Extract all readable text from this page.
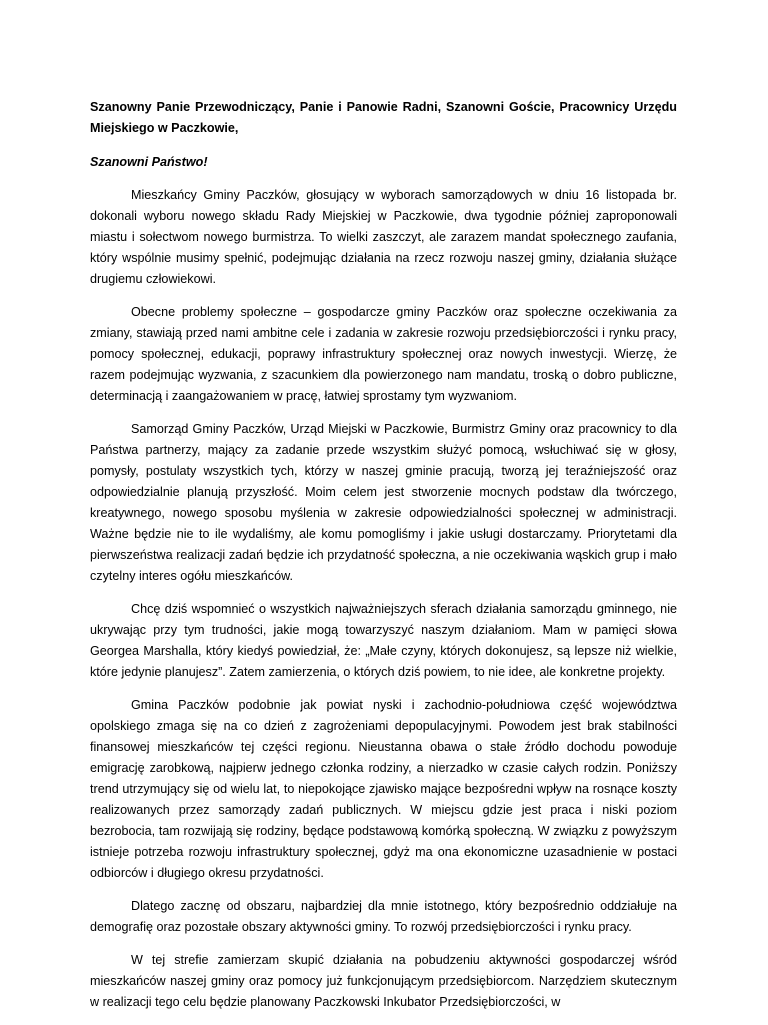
Szanowny Panie Przewodniczący, Panie i Panowie Radni, Szanowni Goście, Pracownicy Urzędu Miejskiego w Paczkowie,

Szanowni Państwo!

Mieszkańcy Gminy Paczków, głosujący w wyborach samorządowych w dniu 16 listopada br. dokonali wyboru nowego składu Rady Miejskiej w Paczkowie, dwa tygodnie później zaproponowali miastu i sołectwom nowego burmistrza. To wielki zaszczyt, ale zarazem mandat społecznego zaufania, który wspólnie musimy spełnić, podejmując działania na rzecz rozwoju naszej gminy, działania służące drugiemu człowiekowi.

Obecne problemy społeczne – gospodarcze gminy Paczków oraz społeczne oczekiwania za zmiany, stawiają przed nami ambitne cele i zadania w zakresie rozwoju przedsiębiorczości i rynku pracy, pomocy społecznej, edukacji, poprawy infrastruktury społecznej oraz nowych inwestycji. Wierzę, że razem podejmując wyzwania, z szacunkiem dla powierzonego nam mandatu, troską o dobro publiczne, determinacją i zaangażowaniem w pracę, łatwiej sprostamy tym wyzwaniom.

Samorząd Gminy Paczków, Urząd Miejski w Paczkowie, Burmistrz Gminy oraz pracownicy to dla Państwa partnerzy, mający za zadanie przede wszystkim służyć pomocą, wsłuchiwać się w głosy, pomysły, postulaty wszystkich tych, którzy w naszej gminie pracują, tworzą jej teraźniejszość oraz odpowiedzialnie planują przyszłość. Moim celem jest stworzenie mocnych podstaw dla twórczego, kreatywnego, nowego sposobu myślenia w zakresie odpowiedzialności społecznej w administracji. Ważne będzie nie to ile wydaliśmy, ale komu pomogliśmy i jakie usługi dostarczamy. Priorytetami dla pierwszeństwa realizacji zadań będzie ich przydatność społeczna, a nie oczekiwania wąskich grup i mało czytelny interes ogółu mieszkańców.

Chcę dziś wspomnieć o wszystkich najważniejszych sferach działania samorządu gminnego, nie ukrywając przy tym trudności, jakie mogą towarzyszyć naszym działaniom. Mam w pamięci słowa Georgea Marshalla, który kiedyś powiedział, że: „Małe czyny, których dokonujesz, są lepsze niż wielkie, które jedynie planujesz”. Zatem zamierzenia, o których dziś powiem, to nie idee, ale konkretne projekty.

Gmina Paczków podobnie jak powiat nyski i zachodnio-południowa część województwa opolskiego zmaga się na co dzień z zagrożeniami depopulacyjnymi. Powodem jest brak stabilności finansowej mieszkańców tej części regionu. Nieustanna obawa o stałe źródło dochodu powoduje emigrację zarobkową, najpierw jednego członka rodziny, a nierzadko w czasie całych rodzin. Poniższy trend utrzymujący się od wielu lat, to niepokojące zjawisko mające bezpośredni wpływ na rosnące koszty realizowanych przez samorządy zadań publicznych. W miejscu gdzie jest praca i niski poziom bezrobocia, tam rozwijają się rodziny, będące podstawową komórką społeczną. W związku z powyższym istnieje potrzeba rozwoju infrastruktury społecznej, gdyż ma ona ekonomiczne uzasadnienie w postaci odbiorców i długiego okresu przydatności.

Dlatego zacznę od obszaru, najbardziej dla mnie istotnego, który bezpośrednio oddziałuje na demografię oraz pozostałe obszary aktywności gminy. To rozwój przedsiębiorczości i rynku pracy.

W tej strefie zamierzam skupić działania na pobudzeniu aktywności gospodarczej wśród mieszkańców naszej gminy oraz pomocy już funkcjonującym przedsiębiorcom. Narzędziem skutecznym w realizacji tego celu będzie planowany Paczkowski Inkubator Przedsiębiorczości, w
